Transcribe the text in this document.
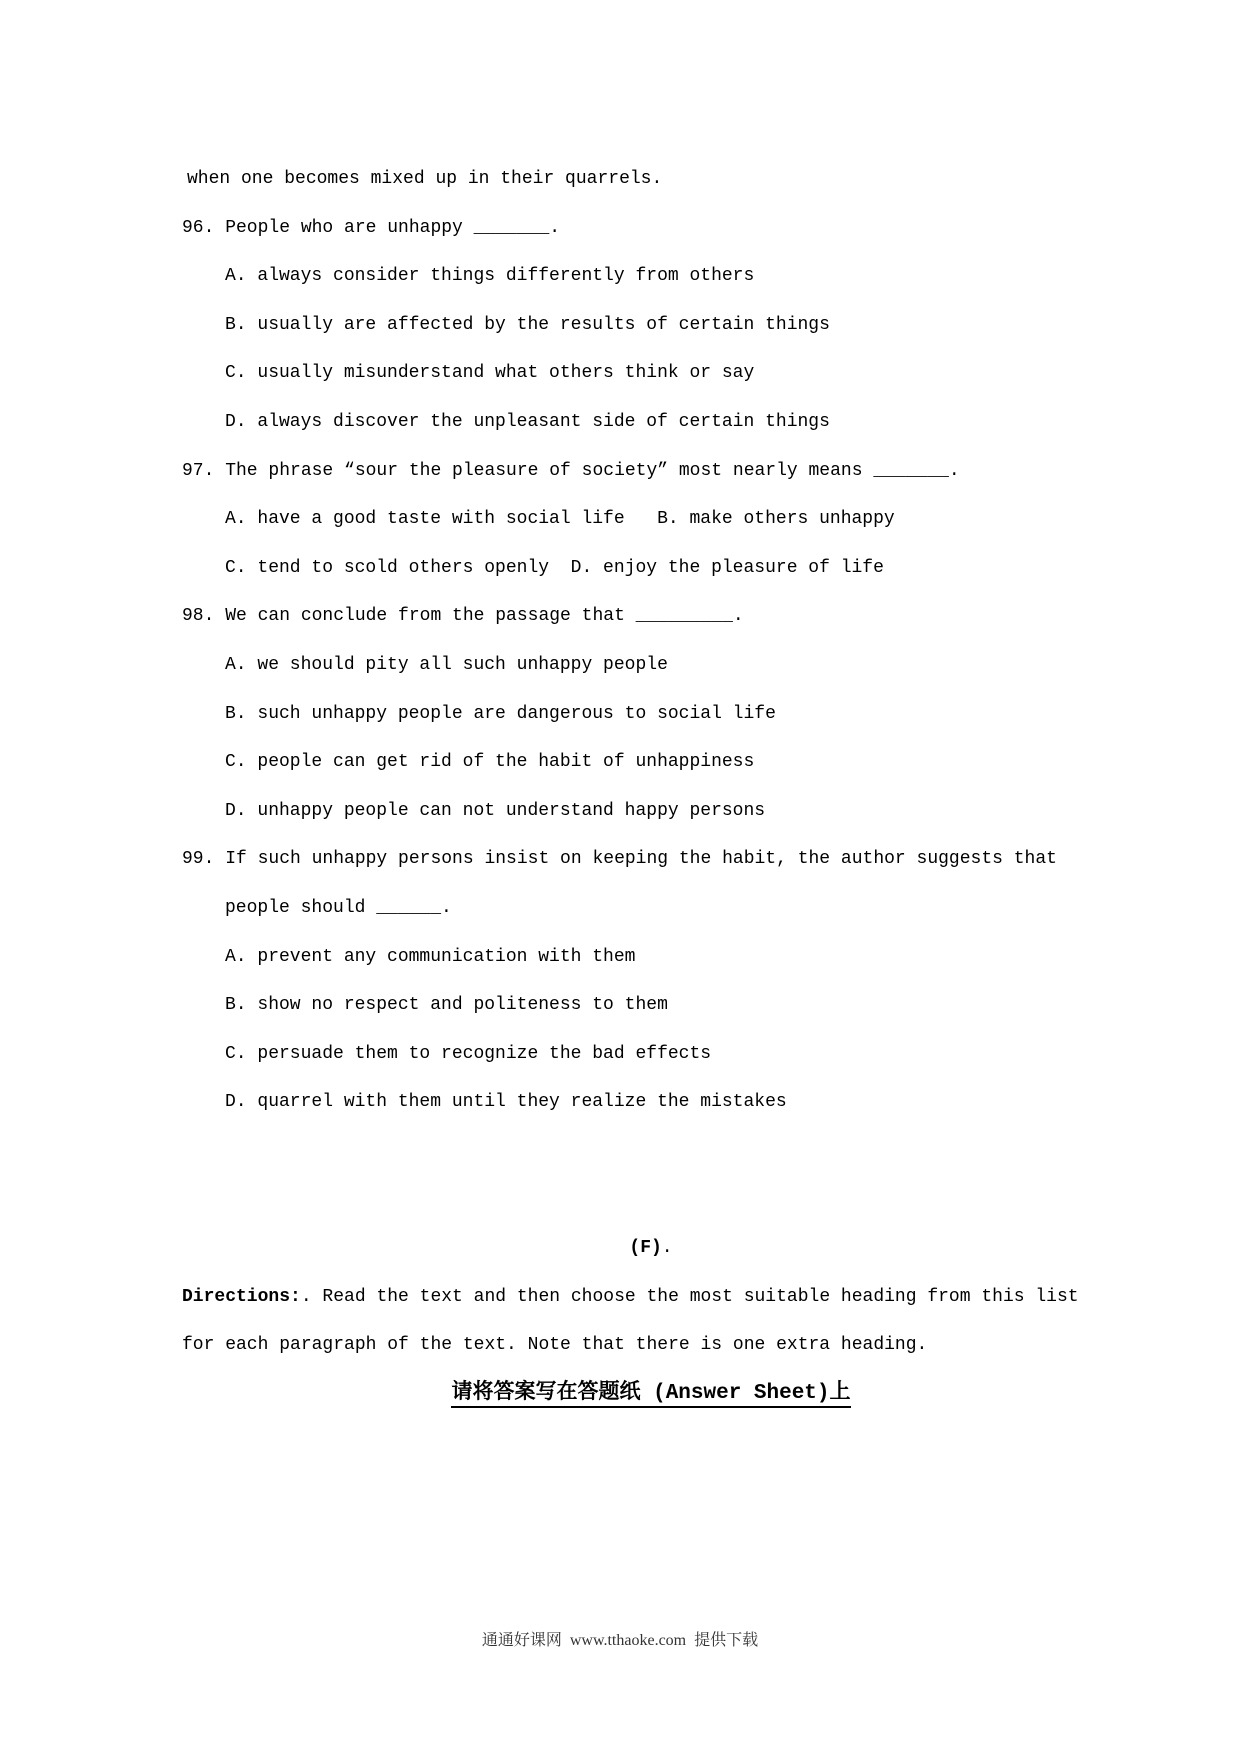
when one becomes mixed up in their quarrels.
96. People who are unhappy _______.
A. always consider things differently from others
B. usually are affected by the results of certain things
C. usually misunderstand what others think or say
D. always discover the unpleasant side of certain things
97. The phrase “sour the pleasure of society” most nearly means _______.
A. have a good taste with social life   B. make others unhappy
C. tend to scold others openly  D. enjoy the pleasure of life
98. We can conclude from the passage that _________.
A. we should pity all such unhappy people
B. such unhappy people are dangerous to social life
C. people can get rid of the habit of unhappiness
D. unhappy people can not understand happy persons
99. If such unhappy persons insist on keeping the habit, the author suggests that
people should ______.
A. prevent any communication with them
B. show no respect and politeness to them
C. persuade them to recognize the bad effects
D. quarrel with them until they realize the mistakes
(F).
Directions:. Read the text and then choose the most suitable heading from this list
for each paragraph of the text. Note that there is one extra heading.
请将答案写在答题纸 (Answer Sheet)上
通通好课网  www.tthaoke.com  提供下载
